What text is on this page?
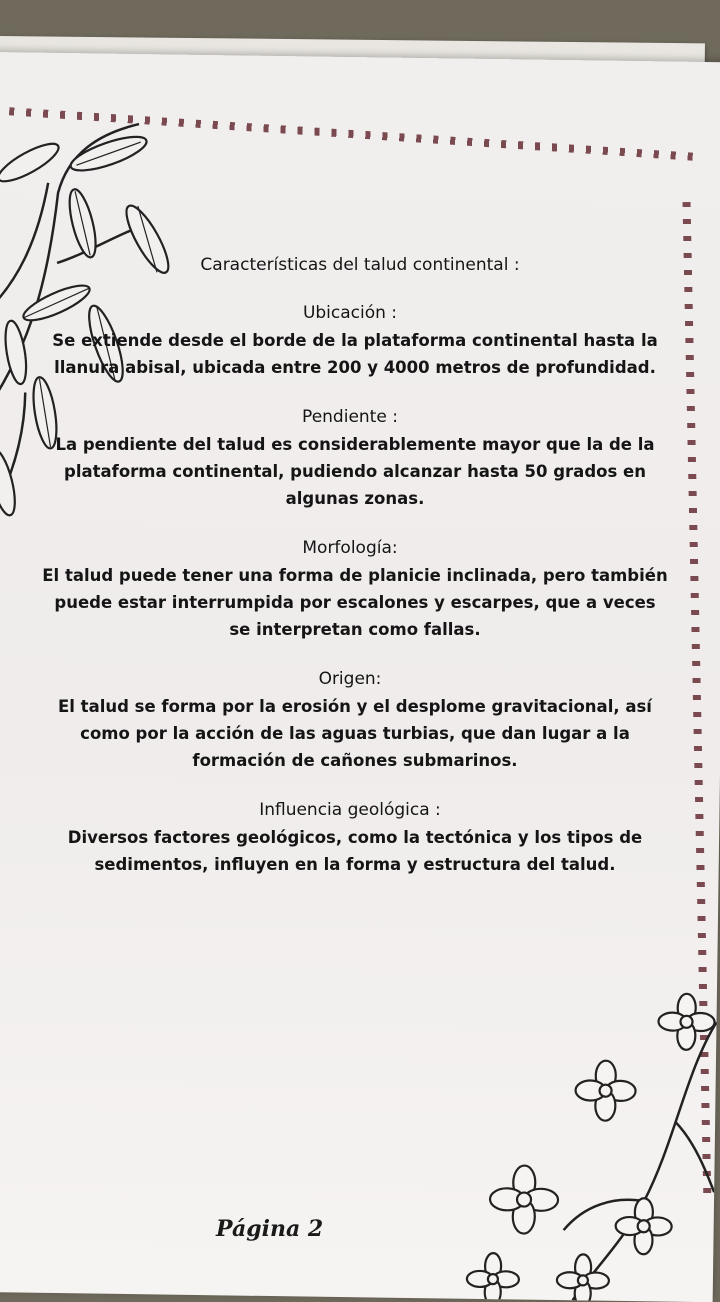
Características del talud continental :
Ubicación :
Se extiende desde el borde de la plataforma continental hasta la llanura abisal, ubicada entre 200 y 4000 metros de profundidad.
Pendiente :
La pendiente del talud es considerablemente mayor que la de la plataforma continental, pudiendo alcanzar hasta 50 grados en algunas zonas.
Morfología:
El talud puede tener una forma de planicie inclinada, pero también puede estar interrumpida por escalones y escarpes, que a veces se interpretan como fallas.
Origen:
El talud se forma por la erosión y el desplome gravitacional, así como por la acción de las aguas turbias, que dan lugar a la formación de cañones submarinos.
Influencia geológica :
Diversos factores geológicos, como la tectónica y los tipos de sedimentos, influyen en la forma y estructura del talud.
Página 2
